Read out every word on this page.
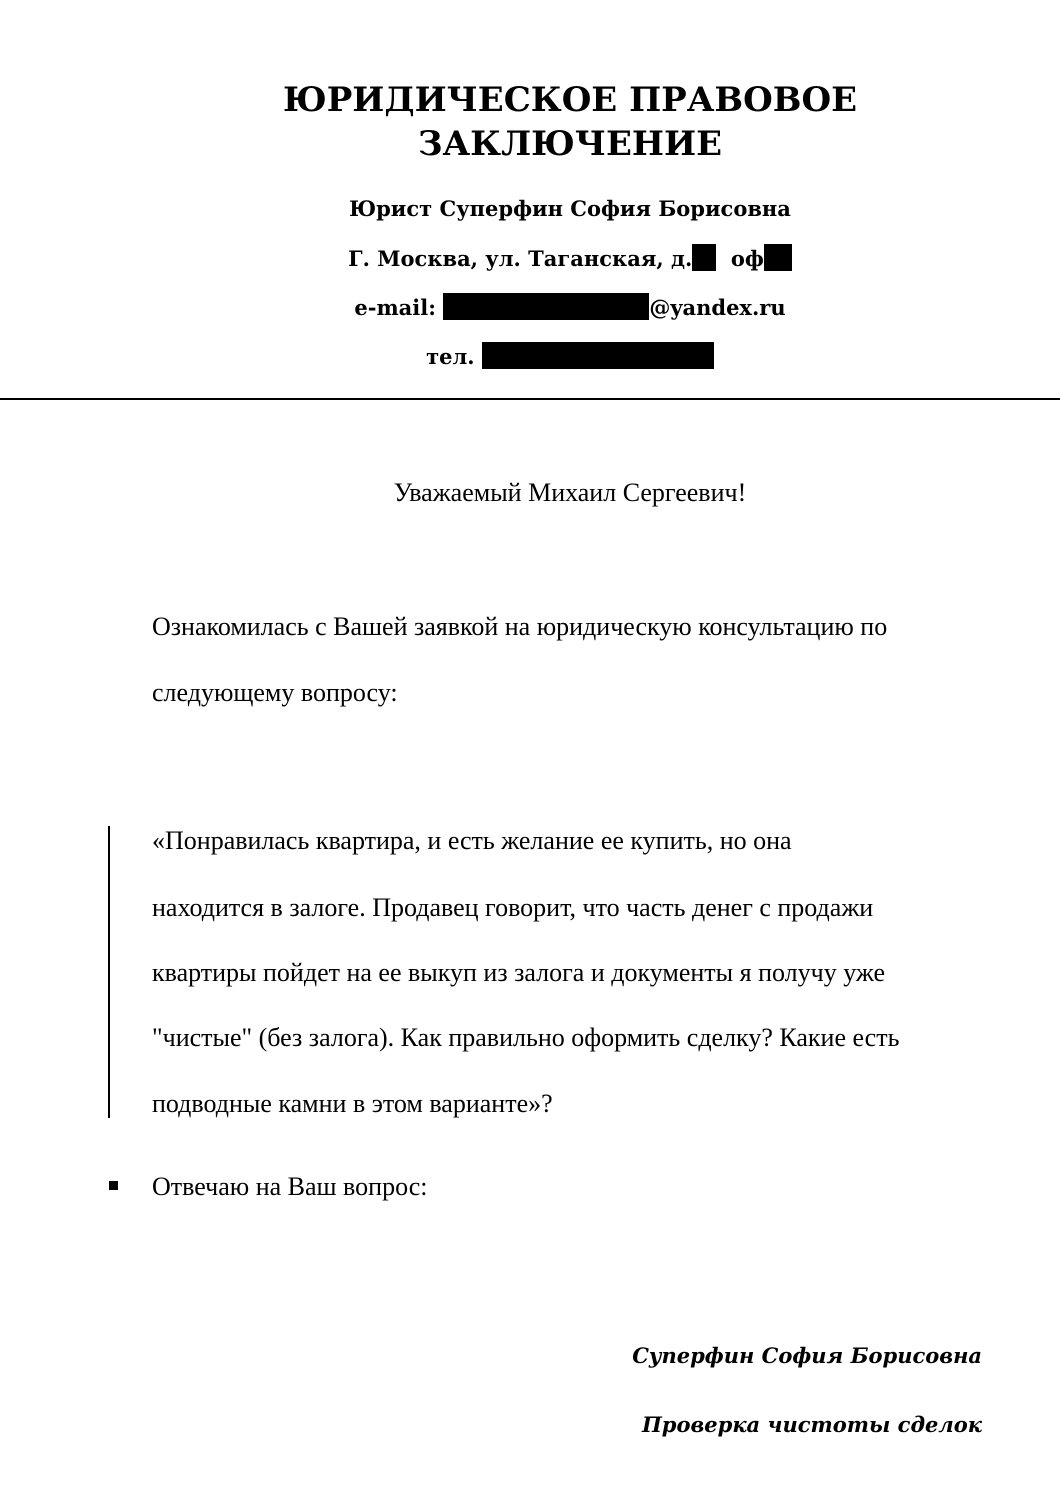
ЮРИДИЧЕСКОЕ ПРАВОВОЕ
ЗАКЛЮЧЕНИЕ
Юрист Суперфин София Борисовна
Г. Москва, ул. Таганская, д. оф
e-mail:	@yandex.ru
тел.
Уважаемый Михаил Сергеевич!
Ознакомилась с Вашей заявкой на юридическую консультацию по
следующему вопросу:
«Понравилась квартира, и есть желание ее купить, но она
находится в залоге. Продавец говорит, что часть денег с продажи
квартиры пойдет на ее выкуп из залога и документы я получу уже
"чистые" (без залога). Как правильно оформить сделку? Какие есть
подводные камни в этом варианте»?
Отвечаю на Ваш вопрос:
Суперфин София Борисовна
Проверка чистоты сделок
